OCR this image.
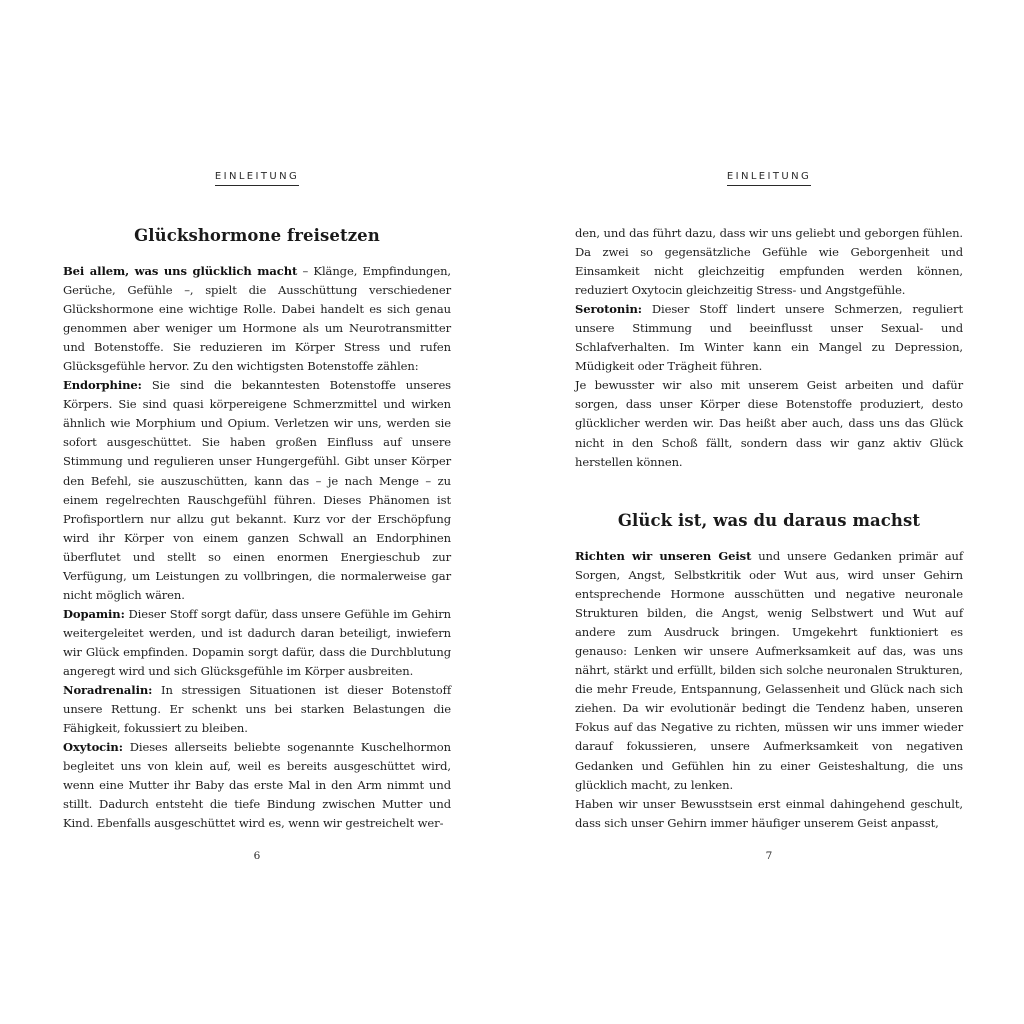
EINLEITUNG
Glückshormone freisetzen

Bei allem, was uns glücklich macht – Klänge, Empfindungen, Gerüche, Gefühle –, spielt die Ausschüttung verschiedener Glückshormone eine wichtige Rolle. Dabei handelt es sich genau genommen aber weniger um Hormone als um Neurotransmitter und Botenstoffe. Sie reduzieren im Körper Stress und rufen Glücksgefühle hervor. Zu den wichtigsten Botenstoffe zählen:

Endorphine: Sie sind die bekanntesten Botenstoffe unseres Körpers. Sie sind quasi körpereigene Schmerzmittel und wirken ähnlich wie Morphium und Opium. Verletzen wir uns, werden sie sofort ausgeschüttet. Sie haben großen Einfluss auf unsere Stimmung und regulieren unser Hungergefühl. Gibt unser Körper den Befehl, sie auszuschütten, kann das – je nach Menge – zu einem regelrechten Rauschgefühl führen. Dieses Phänomen ist Profisportlern nur allzu gut bekannt. Kurz vor der Erschöpfung wird ihr Körper von einem ganzen Schwall an Endorphinen überflutet und stellt so einen enormen Energieschub zur Verfügung, um Leistungen zu vollbringen, die normalerweise gar nicht möglich wären.

Dopamin: Dieser Stoff sorgt dafür, dass unsere Gefühle im Gehirn weitergeleitet werden, und ist dadurch daran beteiligt, inwiefern wir Glück empfinden. Dopamin sorgt dafür, dass die Durchblutung angeregt wird und sich Glücksgefühle im Körper ausbreiten.

Noradrenalin: In stressigen Situationen ist dieser Botenstoff unsere Rettung. Er schenkt uns bei starken Belastungen die Fähigkeit, fokussiert zu bleiben.

Oxytocin: Dieses allerseits beliebte sogenannte Kuschelhormon begleitet uns von klein auf, weil es bereits ausgeschüttet wird, wenn eine Mutter ihr Baby das erste Mal in den Arm nimmt und stillt. Dadurch entsteht die tiefe Bindung zwischen Mutter und Kind. Ebenfalls ausgeschüttet wird es, wenn wir gestreichelt wer-

6
EINLEITUNG

den, und das führt dazu, dass wir uns geliebt und geborgen fühlen. Da zwei so gegensätzliche Gefühle wie Geborgenheit und Einsamkeit nicht gleichzeitig empfunden werden können, reduziert Oxytocin gleichzeitig Stress- und Angstgefühle.

Serotonin: Dieser Stoff lindert unsere Schmerzen, reguliert unsere Stimmung und beeinflusst unser Sexual- und Schlafverhalten. Im Winter kann ein Mangel zu Depression, Müdigkeit oder Trägheit führen.

Je bewusster wir also mit unserem Geist arbeiten und dafür sorgen, dass unser Körper diese Botenstoffe produziert, desto glücklicher werden wir. Das heißt aber auch, dass uns das Glück nicht in den Schoß fällt, sondern dass wir ganz aktiv Glück herstellen können.

Glück ist, was du daraus machst

Richten wir unseren Geist und unsere Gedanken primär auf Sorgen, Angst, Selbstkritik oder Wut aus, wird unser Gehirn entsprechende Hormone ausschütten und negative neuronale Strukturen bilden, die Angst, wenig Selbstwert und Wut auf andere zum Ausdruck bringen. Umgekehrt funktioniert es genauso: Lenken wir unsere Aufmerksamkeit auf das, was uns nährt, stärkt und erfüllt, bilden sich solche neuronalen Strukturen, die mehr Freude, Entspannung, Gelassenheit und Glück nach sich ziehen. Da wir evolutionär bedingt die Tendenz haben, unseren Fokus auf das Negative zu richten, müssen wir uns immer wieder darauf fokussieren, unsere Aufmerksamkeit von negativen Gedanken und Gefühlen hin zu einer Geisteshaltung, die uns glücklich macht, zu lenken.

Haben wir unser Bewusstsein erst einmal dahingehend geschult, dass sich unser Gehirn immer häufiger unserem Geist anpasst,

7
